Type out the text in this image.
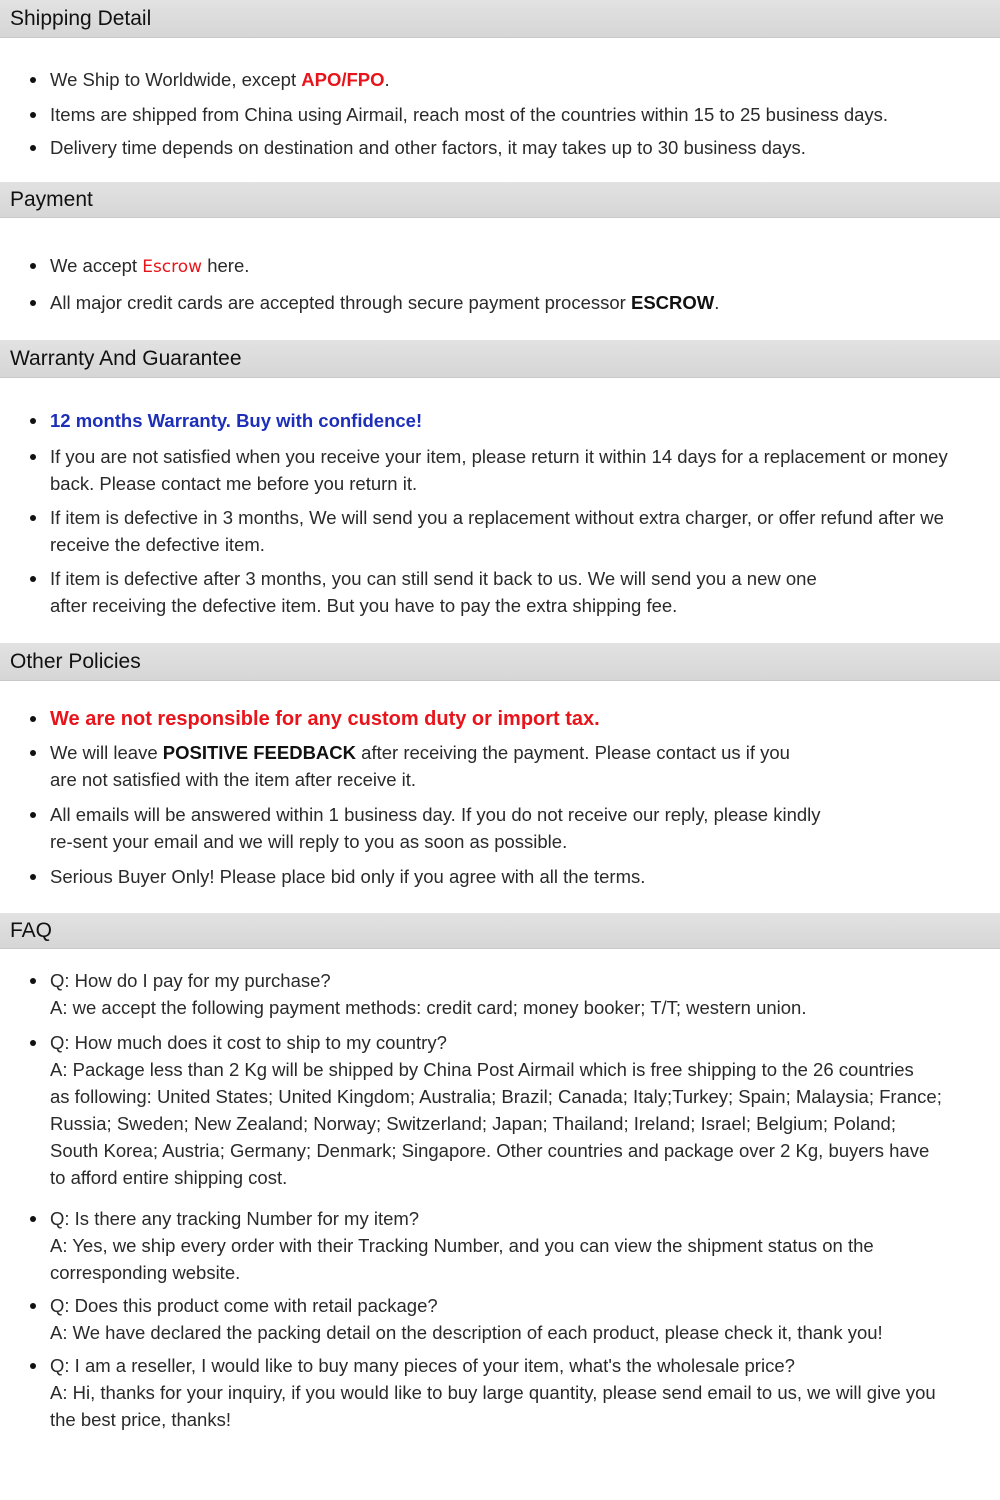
Shipping Detail
We Ship to Worldwide, except APO/FPO.
Items are shipped from China using Airmail, reach most of the countries within 15 to 25 business days.
Delivery time depends on destination and other factors, it may takes up to 30 business days.
Payment
We accept Escrow here.
All major credit cards are accepted through secure payment processor ESCROW.
Warranty And Guarantee
12 months Warranty. Buy with confidence!
If you are not satisfied when you receive your item, please return it within 14 days for a replacement or money
back. Please contact me before you return it.
If item is defective in 3 months, We will send you a replacement without extra charger, or offer refund after we
receive the defective item.
If item is defective after 3 months, you can still send it back to us. We will send you a new one
after receiving the defective item. But you have to pay the extra shipping fee.
Other Policies
We are not responsible for any custom duty or import tax.
We will leave POSITIVE FEEDBACK after receiving the payment. Please contact us if you
are not satisfied with the item after receive it.
All emails will be answered within 1 business day. If you do not receive our reply, please kindly
re-sent your email and we will reply to you as soon as possible.
Serious Buyer Only! Please place bid only if you agree with all the terms.
FAQ
Q: How do I pay for my purchase?
A: we accept the following payment methods: credit card; money booker; T/T; western union.
Q: How much does it cost to ship to my country?
A: Package less than 2 Kg will be shipped by China Post Airmail which is free shipping to the 26 countries
as following: United States; United Kingdom; Australia; Brazil; Canada; Italy;Turkey; Spain; Malaysia; France;
Russia; Sweden; New Zealand; Norway; Switzerland; Japan; Thailand; Ireland; Israel; Belgium; Poland;
South Korea; Austria; Germany; Denmark; Singapore. Other countries and package over 2 Kg, buyers have
to afford entire shipping cost.
Q: Is there any tracking Number for my item?
A: Yes, we ship every order with their Tracking Number, and you can view the shipment status on the
corresponding website.
Q: Does this product come with retail package?
A: We have declared the packing detail on the description of each product, please check it, thank you!
Q: I am a reseller, I would like to buy many pieces of your item, what's the wholesale price?
A: Hi, thanks for your inquiry, if you would like to buy large quantity, please send email to us, we will give you
the best price, thanks!
